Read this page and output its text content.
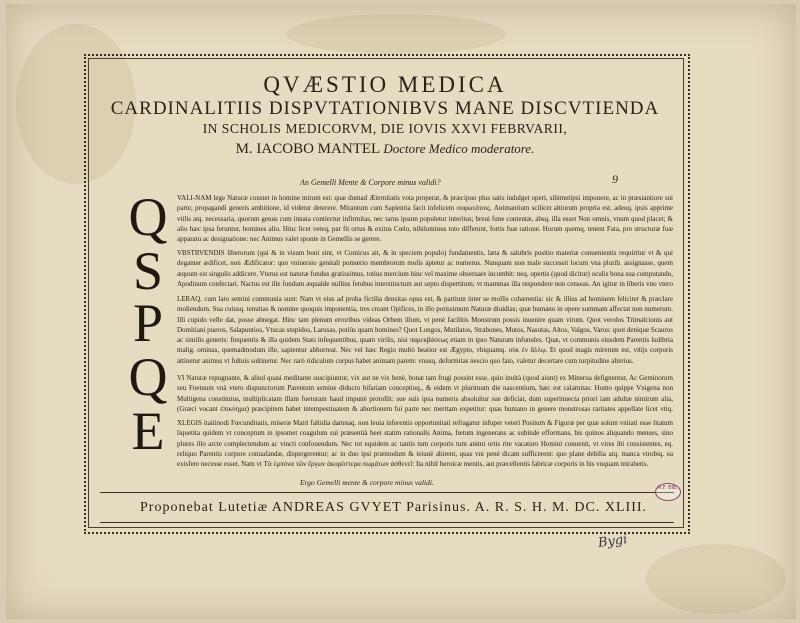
QVÆSTIO MEDICA
CARDINALITIIS DISPVTATIONIBVS MANE DISCVTIENDA
IN SCHOLIS MEDICORVM, DIE IOVIS XXVI FEBRVARII,
M. IACOBO MANTEL Doctore Medico moderatore.
An Gemelli Mente & Corpore minus validi?	9
Q
S
P
Q
E
VALI-NAM lege Naturæ constet in homine mirum est: quæ dumad Æternitatis vota properat, & præcipuo plus satis indulget operi, sibimetipsi imponere, ac in præstantiore sui parte, propagandi generis ambitione, id videtur deterere. Mirantum cum Sapientia facit infelicem σοφωτάτοις. Animantium scilicet altiorum propria est, adeoq. ipsis apprime vtilis atq. necessaria, quorum genus cum innata contiectur infirmitas, nec tarus ipsum populetur interitus; breui fune contentæ, absq. illa esset Non omnis, vnum quod placet; & alio hæc ipsa feruntur, homines alio. Hinc licet veteq, par fit ortus & exitus Cœlo, nihilominus toto differunt, fortis fuæ ratione. Horum quemq. tenent Fata, pro structuræ fuæ apparatu ac designatione: nec Animus valet sponte in Gemellis se gerere.
VBSTRVENDIS liberorum (qui & in visum boni sint, vt Comicus ait, & in speciem populo) fundamentis, læta & salubris positio materiæ conuenientis requiritur vt & qui deganter ædificet, non Ædificator: quo vniuersio genitali pomœrio membrorum molis aptetur ac numerus. Nunquam non male successit locum vna plurib. assignasse, quem æquum est singulis addicere. Vterus est naturæ fundus gratissimus, totius mercium hinc vel maxime obseruare incumbit: neq. opertis (quod dicitur) oculis bona sua computando, Apodinum confectari. Nactus est ille fundum æqualde nullius fetubus interstinctum aut septo dispertitum; vt mammas illa respondere non censeas. An igitur in liberis vno vtero
LERAQ. cum lato semini communia sunt: Nam vt eius ad proba fictilia densitas opus est, & partium inter se mollis cohærentia: sic & illius ad hominem feliciter & præclare moliendum. Sua cuiusq. tenuitas & nomine quoquis imponentia, tres creant Opifices, in illo potissimum Naturæ diuidias; quæ humano in opere summam affectat non numerum. Illi cupido velle dat, posse abnegat. Hinc tam plenum erroribus videas Orbem illum, vt penè facilitis Monstrum possis inuenire quam virum. Quot verolos Trimalcionis aut Domitiani pueros, Salapuntios, Vtucas stupidos, Larusas, potiùs quam homines? Quot Longos, Mutilatos, Strabones, Mutos, Nasutas, Altos, Valgos, Varos: quot denique Scauros ac similis generis: frequenris & illa quidem Stats infequentibus, quam virilis, nisi παρεκβάσεως etiam in ipso Naturam infunules. Quæ, vt communis eiusdem Parentis ludibria malig. ominas, quemadmodum ille, sapientur abhorreat. Nec vel hæc Regio multò beatior est Ægypto, vbiquamq. οὐκ ἐν ἄλλῳ. Et quod magis mirerum est, vitijs corporis attinetur animus vt fultuis sultinetur. Nec rarò ridiculum corpus habet animam parem: vnusq. deformitas nescio quo fato, valetur decertare cum turpitudine alterius.
VI Naturæ repugnante, & aliud quasi meditante suscipiuntur, vix aut ne vix benè, bonæ tam frugi possint esse, quin inuità (quod aiunt) ex Minerua defignentur, Ac Geminorum seu Foetuum vnà vtero dispunctorum Parentum semine diducto bifariam conceptioq., & eidem vt plurimum die nascentium, hæc est calamitas: Homo quippe Vnigena non Multigena constitutus, multiplicatam illam foeturam haud impunè protollit: sue suis ipsa numeris absoluitur sue deficiat, dum superinnecta priori iam adultæ nimirum alia, (Græci vocant ἐπικύημα) præcipitem habet intempestiuatem & abortionem fui parte nec meritam expetitur: quas humano in genere monstrosas raritates appellate licet vtiq.
XLEGIS itaiiinodi Fœcunditatis, miseræ Matri faltidia damnaq. non leuia inferentis opportunitati refragatur infuper veteri Positum & Figuræ per quæ solum vnitati esse litatum liquetita quidem vt conceptum in ipsomet coagulum sui præsentià beet statim rationalis Anima, fœtum ingenerans ac subinde efformans, bis quinos aliquando menses, sino plures illo arcte complectendum ac vincti confouendum. Nec tot equidem ac tantis tum corporis tum animi ortis rite vacaturo Homini conuenit, vt vires ibi consistentes, eq. reliquo Parentis corpore conuafandæ, dispergerentur; ac in duo ipsi præmodum & ieiunè abirent, quas vni penè dicam sufficerent: quo plane debilia atq. manca vtrobiq. ea exisfere necesse esset. Nam vt Τὰ ἐμπόνα τῶν ἔργων ἀκορέστερα σωμάτων ἀσθενεῖ: Ita nihil heroicæ mentis, aut præcellentis fabricæ corporis in his vnquam mirabetis.
Ergo Gemelli mente & corpore minus validi.
Proponebat Lutetiæ ANDREAS GVYET Parisinus. A. R. S. H. M. DC. XLIII.
R.F. BIB.
Bygi
